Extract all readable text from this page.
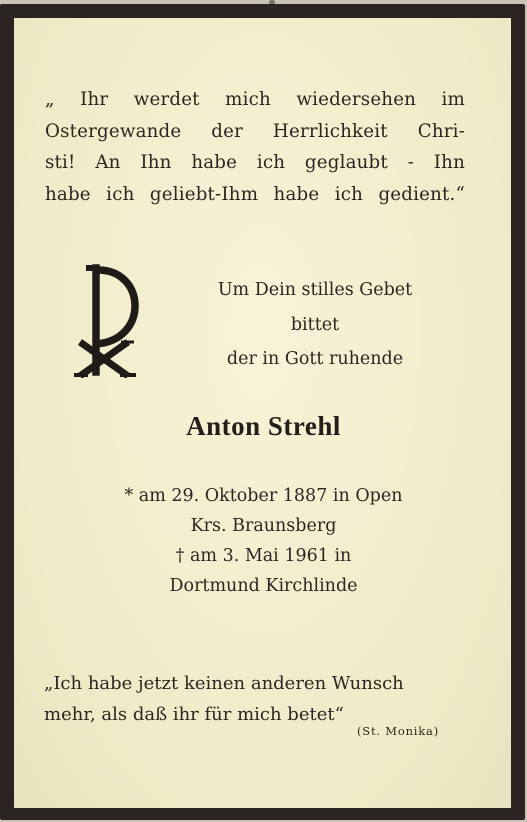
„ Ihr werdet mich wiedersehen im
Ostergewande der Herrlichkeit Chri-
sti! An Ihn habe ich geglaubt - Ihn
habe ich geliebt-Ihm habe ich gedient.“
Um Dein stilles Gebet
bittet
der in Gott ruhende
Anton Strehl
* am 29. Oktober 1887 in Open
Krs. Braunsberg
† am 3. Mai 1961 in
Dortmund Kirchlinde
„Ich habe jetzt keinen anderen Wunsch
mehr, als daß ihr für mich betet“
(St. Monika)
